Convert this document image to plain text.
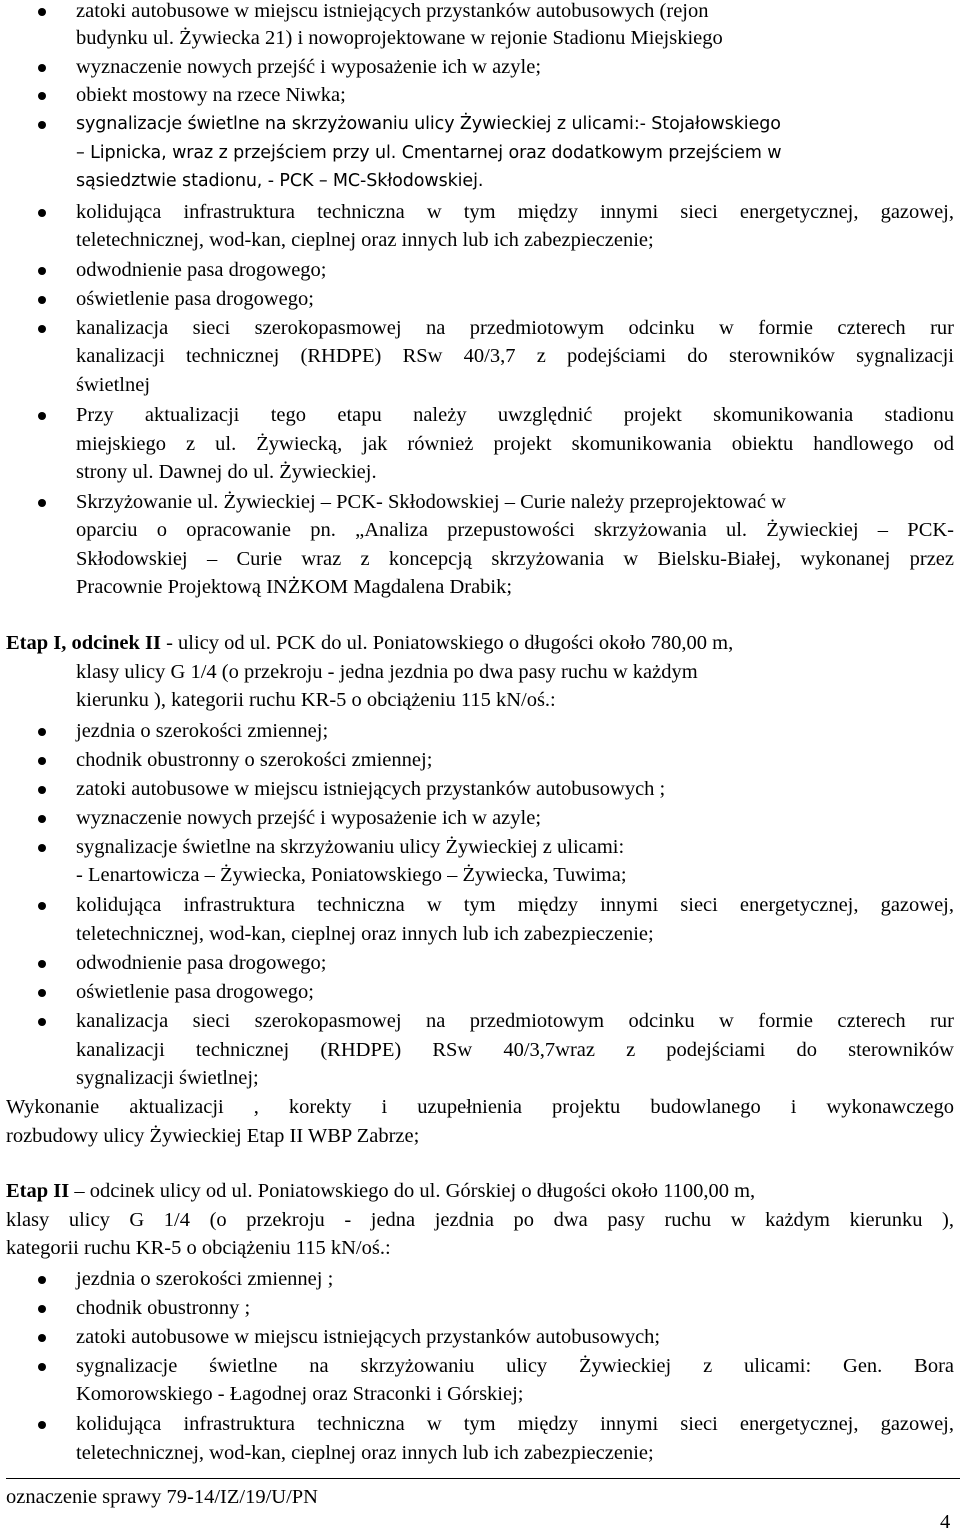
zatoki autobusowe w miejscu istniejących przystanków autobusowych (rejon
budynku ul. Żywiecka 21) i nowoprojektowane w rejonie Stadionu Miejskiego
wyznaczenie nowych przejść i wyposażenie ich w azyle;
obiekt mostowy na rzece Niwka;
sygnalizacje świetlne na skrzyżowaniu ulicy Żywieckiej z ulicami:- Stojałowskiego
– Lipnicka, wraz z przejściem przy ul. Cmentarnej oraz dodatkowym przejściem w
sąsiedztwie stadionu, - PCK – MC-Skłodowskiej.
kolidująca infrastruktura techniczna w tym między innymi sieci energetycznej, gazowej,
teletechnicznej, wod-kan, cieplnej oraz innych lub ich zabezpieczenie;
odwodnienie pasa drogowego;
oświetlenie pasa drogowego;
kanalizacja sieci szerokopasmowej na przedmiotowym odcinku w formie czterech rur
kanalizacji technicznej (RHDPE) RSw 40/3,7 z podejściami do sterowników sygnalizacji
świetlnej
Przy aktualizacji tego etapu należy uwzględnić projekt skomunikowania stadionu
miejskiego z ul. Żywiecką, jak również projekt skomunikowania obiektu handlowego od
strony ul. Dawnej do ul. Żywieckiej.
Skrzyżowanie ul. Żywieckiej – PCK- Skłodowskiej – Curie należy przeprojektować w
oparciu o opracowanie pn. „Analiza przepustowości skrzyżowania ul. Żywieckiej – PCK-
Skłodowskiej – Curie wraz z koncepcją skrzyżowania w Bielsku-Białej, wykonanej przez
Pracownie Projektową INŻKOM Magdalena Drabik;
Etap I, odcinek II - ulicy od ul. PCK do ul. Poniatowskiego o długości około 780,00 m,
klasy ulicy G 1/4 (o przekroju - jedna jezdnia po dwa pasy ruchu w każdym
kierunku ), kategorii ruchu KR-5 o obciążeniu 115 kN/oś.:
jezdnia o szerokości zmiennej;
chodnik obustronny o szerokości zmiennej;
zatoki autobusowe w miejscu istniejących przystanków autobusowych ;
wyznaczenie nowych przejść i wyposażenie ich w azyle;
sygnalizacje świetlne na skrzyżowaniu ulicy Żywieckiej z ulicami:
- Lenartowicza – Żywiecka, Poniatowskiego – Żywiecka, Tuwima;
kolidująca infrastruktura techniczna w tym między innymi sieci energetycznej, gazowej,
teletechnicznej, wod-kan, cieplnej oraz innych lub ich zabezpieczenie;
odwodnienie pasa drogowego;
oświetlenie pasa drogowego;
kanalizacja sieci szerokopasmowej na przedmiotowym odcinku w formie czterech rur
kanalizacji technicznej (RHDPE) RSw 40/3,7wraz z podejściami do sterowników
sygnalizacji świetlnej;
Wykonanie aktualizacji , korekty i uzupełnienia projektu budowlanego i wykonawczego
rozbudowy ulicy Żywieckiej Etap II WBP Zabrze;
Etap II – odcinek ulicy od ul. Poniatowskiego do ul. Górskiej o długości około 1100,00 m,
klasy ulicy G 1/4 (o przekroju - jedna jezdnia po dwa pasy ruchu w każdym kierunku ),
kategorii ruchu KR-5 o obciążeniu 115 kN/oś.:
jezdnia o szerokości zmiennej ;
chodnik obustronny ;
zatoki autobusowe w miejscu istniejących przystanków autobusowych;
sygnalizacje świetlne na skrzyżowaniu ulicy Żywieckiej z ulicami: Gen. Bora
Komorowskiego - Łagodnej oraz Straconki i Górskiej;
kolidująca infrastruktura techniczna w tym między innymi sieci energetycznej, gazowej,
teletechnicznej, wod-kan, cieplnej oraz innych lub ich zabezpieczenie;
oznaczenie sprawy 79-14/IZ/19/U/PN
4
